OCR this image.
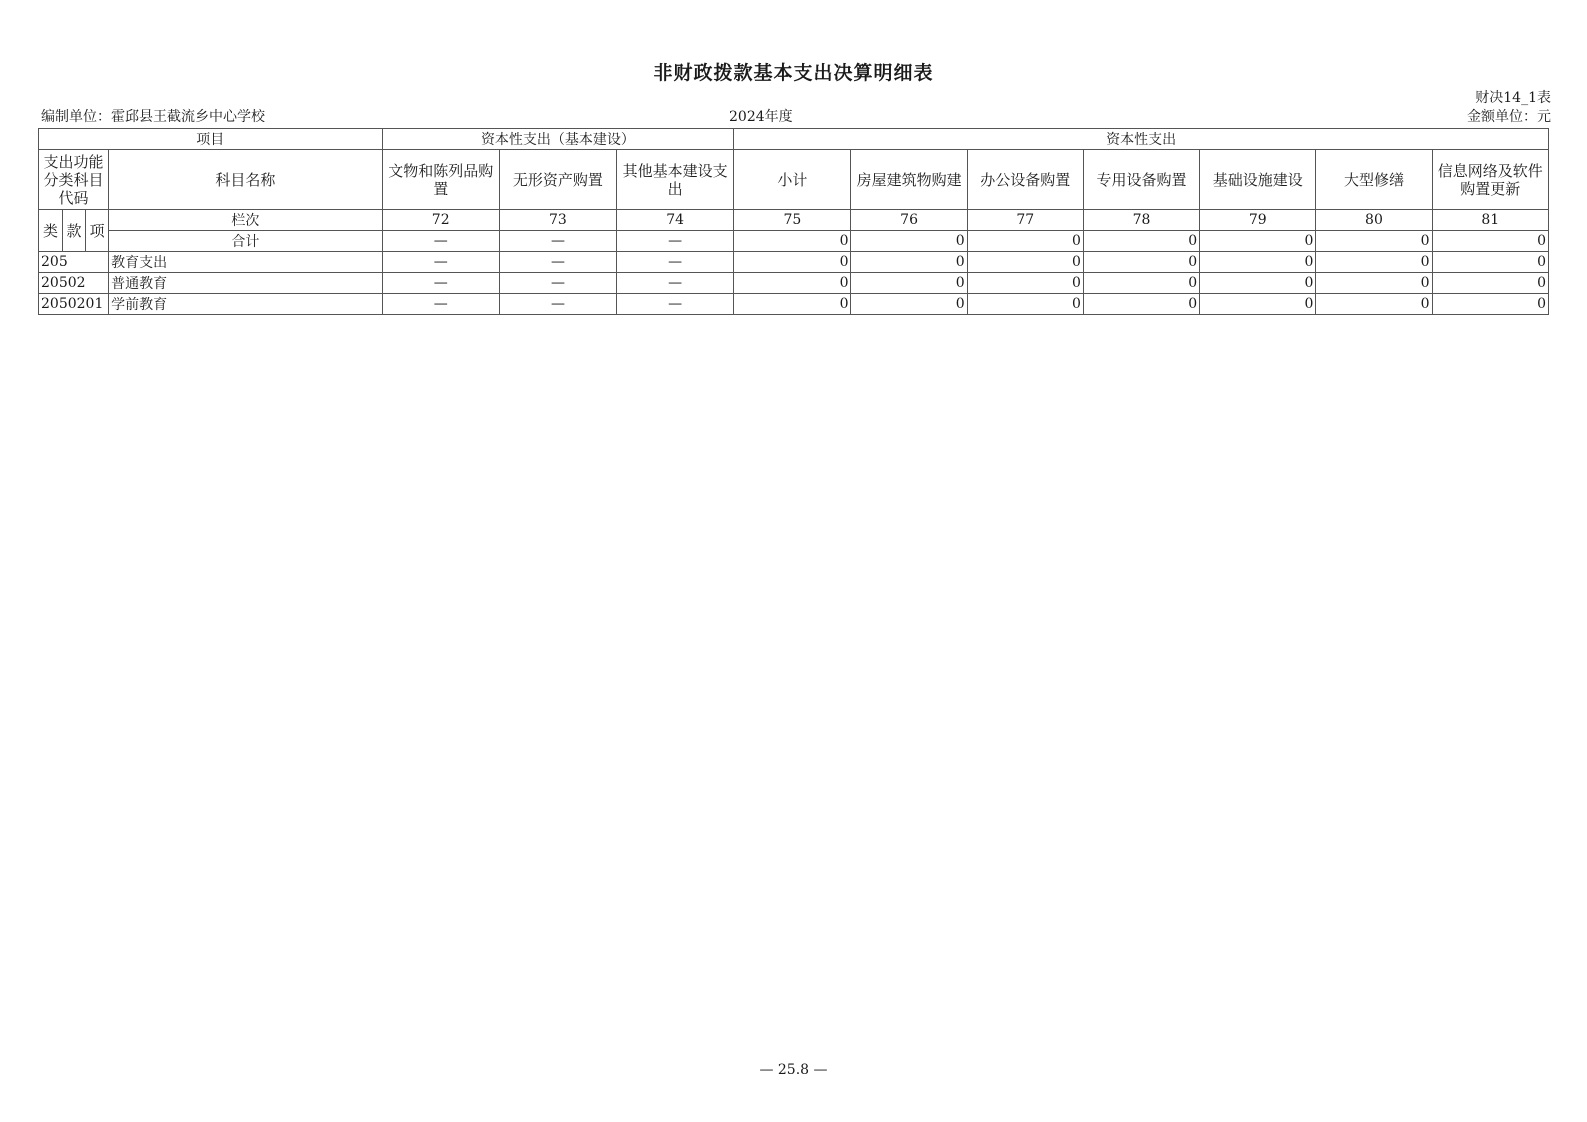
非财政拨款基本支出决算明细表
财决14_1表
编制单位：霍邱县王截流乡中心学校	2024年度	金额单位：元
项目				资本性支出（基本建设）			资本性支出						
支出功能分类科目代码			科目名称	文物和陈列品购置	无形资产购置	其他基本建设支出	小计	房屋建筑物购建	办公设备购置	专用设备购置	基础设施建设	大型修缮	信息网络及软件购置更新
类	款	项	栏次	72	73	74	75	76	77	78	79	80	81
			合计	—	—	—	0	0	0	0	0	0	0
205			教育支出	—	—	—	0	0	0	0	0	0	0
20502			普通教育	—	—	—	0	0	0	0	0	0	0
2050201			学前教育	—	—	—	0	0	0	0	0	0	0
— 25.8 —
